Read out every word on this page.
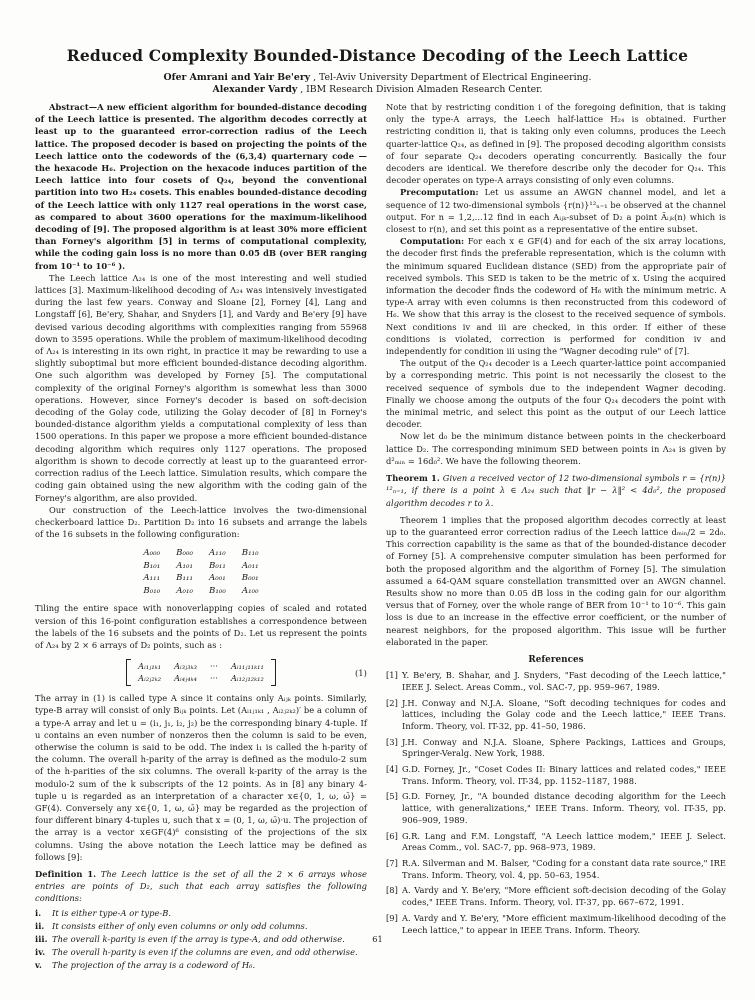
Reduced Complexity Bounded-Distance Decoding of the Leech Lattice
Ofer Amrani and Yair Be'ery , Tel-Aviv University Department of Electrical Engineering.
Alexander Vardy , IBM Research Division Almaden Research Center.

Abstract—A new efficient algorithm for bounded-distance decoding of the Leech lattice is presented. The algorithm decodes correctly at least up to the guaranteed error-correction radius of the Leech lattice. The proposed decoder is based on projecting the points of the Leech lattice onto the codewords of the (6,3,4) quarternary code — the hexacode H₆. Projection on the hexacode induces partition of the Leech lattice into four cosets of Q₂₄, beyond the conventional partition into two H₂₄ cosets. This enables bounded-distance decoding of the Leech lattice with only 1127 real operations in the worst case, as compared to about 3600 operations for the maximum-likelihood decoding of [9]. The proposed algorithm is at least 30% more efficient than Forney's algorithm [5] in terms of computational complexity, while the coding gain loss is no more than 0.05 dB (over BER ranging from 10⁻¹ to 10⁻⁶ ).

The Leech lattice Λ₂₄ is one of the most interesting and well studied lattices [3]. Maximum-likelihood decoding of Λ₂₄ was intensively investigated during the last few years. Conway and Sloane [2], Forney [4], Lang and Longstaff [6], Be'ery, Shahar, and Snyders [1], and Vardy and Be'ery [9] have devised various decoding algorithms with complexities ranging from 55968 down to 3595 operations. While the problem of maximum-likelihood decoding of Λ₂₄ is interesting in its own right, in practice it may be rewarding to use a slightly suboptimal but more efficient bounded-distance decoding algorithm. One such algorithm was developed by Forney [5]. The computational complexity of the original Forney's algorithm is somewhat less than 3000 operations. However, since Forney's decoder is based on soft-decision decoding of the Golay code, utilizing the Golay decoder of [8] in Forney's bounded-distance algorithm yields a computational complexity of less than 1500 operations. In this paper we propose a more efficient bounded-distance decoding algorithm which requires only 1127 operations. The proposed algorithm is shown to decode correctly at least up to the guaranteed error-correction radius of the Leech lattice. Simulation results, which compare the coding gain obtained using the new algorithm with the coding gain of the Forney's algorithm, are also provided.

Our construction of the Leech-lattice involves the two-dimensional checkerboard lattice D₂. Partition D₂ into 16 subsets and arrange the labels of the 16 subsets in the following configuration:

A₀₀₀ B₀₀₀ A₁₁₀ B₁₁₀
B₁₀₁ A₁₀₁ B₀₁₁ A₀₁₁
A₁₁₁ B₁₁₁ A₀₀₁ B₀₀₁
B₀₁₀ A₀₁₀ B₁₀₀ A₁₀₀

Tiling the entire space with nonoverlapping copies of scaled and rotated version of this 16-point configuration establishes a correspondence between the labels of the 16 subsets and the points of D₂. Let us represent the points of Λ₂₄ by 2 × 6 arrays of D₂ points, such as :

Aᵢ₁ⱼ₁ₖ₁ Aᵢ₃ⱼ₃ₖ₃ ··· Aᵢ₁₁ⱼ₁₁ₖ₁₁
Aᵢ₂ⱼ₂ₖ₂ Aᵢ₄ⱼ₄ₖ₄ ··· Aᵢ₁₂ⱼ₁₂ₖ₁₂
(1)

The array in (1) is called type A since it contains only Aᵢⱼₖ points. Similarly, type-B array will consist of only Bᵢⱼₖ points. Let (Aᵢ₁ⱼ₁ₖ₁ , Aᵢ₂ⱼ₂ₖ₂)′ be a column of a type-A array and let u = (i₁, j₁, i₂, j₂) be the corresponding binary 4-tuple. If u contains an even number of nonzeros then the column is said to be even, otherwise the column is said to be odd. The index i₁ is called the h-parity of the column. The overall h-parity of the array is defined as the modulo-2 sum of the h-parities of the six columns. The overall k-parity of the array is the modulo-2 sum of the k subscripts of the 12 points. As in [8] any binary 4-tuple u is regarded as an interpretation of a character x∈{0, 1, ω, ω̄} = GF(4). Conversely any x∈{0, 1, ω, ω̄} may be regarded as the projection of four different binary 4-tuples u, such that x = (0, 1, ω, ω̄)·u. The projection of the array is a vector x∈GF(4)⁶ consisting of the projections of the six columns. Using the above notation the Leech lattice may be defined as follows [9]:

Definition 1. The Leech lattice is the set of all the 2 × 6 arrays whose entries are points of D₂, such that each array satisfies the following conditions:

i.	It is either type-A or type-B.
ii. It consists either of only even columns or only odd columns.
iii. The overall k-parity is even if the array is type-A, and odd otherwise.
iv. The overall h-parity is even if the columns are even, and odd otherwise.
v.	The projection of the array is a codeword of H₆.

Note that by restricting condition i of the foregoing definition, that is taking only the type-A arrays, the Leech half-lattice H₂₄ is obtained. Further restricting condition ii, that is taking only even columns, produces the Leech quarter-lattice Q₂₄, as defined in [9]. The proposed decoding algorithm consists of four separate Q₂₄ decoders operating concurrently. Basically the four decoders are identical. We therefore describe only the decoder for Q₂₄. This decoder operates on type-A arrays consisting of only even columns.

Precomputation: Let us assume an AWGN channel model, and let a sequence of 12 two-dimensional symbols {r(n)}¹²ₙ₌₁ be observed at the channel output. For n = 1,2,...12 find in each Aᵢⱼₖ-subset of D₂ a point Ãᵢⱼₖ(n) which is closest to r(n), and set this point as a representative of the entire subset.

Computation: For each x ∈ GF(4) and for each of the six array locations, the decoder first finds the preferable representation, which is the column with the minimum squared Euclidean distance (SED) from the appropriate pair of received symbols. This SED is taken to be the metric of x. Using the acquired information the decoder finds the codeword of H₆ with the minimum metric. A type-A array with even columns is then reconstructed from this codeword of H₆. We show that this array is the closest to the received sequence of symbols. Next conditions iv and iii are checked, in this order. If either of these conditions is violated, correction is performed for condition iv and independently for condition iii using the "Wagner decoding rule" of [7].

The output of the Q₂₄ decoder is a Leech quarter-lattice point accompanied by a corresponding metric. This point is not necessarily the closest to the received sequence of symbols due to the independent Wagner decoding. Finally we choose among the outputs of the four Q₂₄ decoders the point with the minimal metric, and select this point as the output of our Leech lattice decoder.

Now let d₀ be the minimum distance between points in the checkerboard lattice D₂. The corresponding minimum SED between points in Λ₂₄ is given by d²ₘᵢₙ = 16d₀². We have the following theorem.

Theorem 1. Given a received vector of 12 two-dimensional symbols r = {r(n)}¹²ₙ₌₁, if there is a point λ ∈ Λ₂₄ such that ‖r − λ‖² < 4d₀², the proposed algorithm decodes r to λ.

Theorem 1 implies that the proposed algorithm decodes correctly at least up to the guaranteed error correction radius of the Leech lattice dₘᵢₙ/2 = 2d₀. This correction capability is the same as that of the bounded-distance decoder of Forney [5]. A comprehensive computer simulation has been performed for both the proposed algorithm and the algorithm of Forney [5]. The simulation assumed a 64-QAM square constellation transmitted over an AWGN channel. Results show no more than 0.05 dB loss in the coding gain for our algorithm versus that of Forney, over the whole range of BER from 10⁻¹ to 10⁻⁶. This gain loss is due to an increase in the effective error coefficient, or the number of nearest neighbors, for the proposed algorithm. This issue will be further elaborated in the paper.

References
[1] Y. Be'ery, B. Shahar, and J. Snyders, "Fast decoding of the Leech lattice," IEEE J. Select. Areas Comm., vol. SAC-7, pp. 959–967, 1989.
[2] J.H. Conway and N.J.A. Sloane, "Soft decoding techniques for codes and lattices, including the Golay code and the Leech lattice," IEEE Trans. Inform. Theory, vol. IT-32, pp. 41–50, 1986.
[3] J.H. Conway and N.J.A. Sloane, Sphere Packings, Lattices and Groups, Springer-Veralg. New York, 1988.
[4] G.D. Forney, Jr., "Coset Codes II: Binary lattices and related codes," IEEE Trans. Inform. Theory, vol. IT-34, pp. 1152–1187, 1988.
[5] G.D. Forney, Jr., "A bounded distance decoding algorithm for the Leech lattice, with generalizations," IEEE Trans. Inform. Theory, vol. IT-35, pp. 906–909, 1989.
[6] G.R. Lang and F.M. Longstaff, "A Leech lattice modem," IEEE J. Select. Areas Comm., vol. SAC-7, pp. 968–973, 1989.
[7] R.A. Silverman and M. Balser, "Coding for a constant data rate source," IRE Trans. Inform. Theory, vol. 4, pp. 50–63, 1954.
[8] A. Vardy and Y. Be'ery, "More efficient soft-decision decoding of the Golay codes," IEEE Trans. Inform. Theory, vol. IT-37, pp. 667–672, 1991.
[9] A. Vardy and Y. Be'ery, "More efficient maximum-likelihood decoding of the Leech lattice," to appear in IEEE Trans. Inform. Theory.
61
